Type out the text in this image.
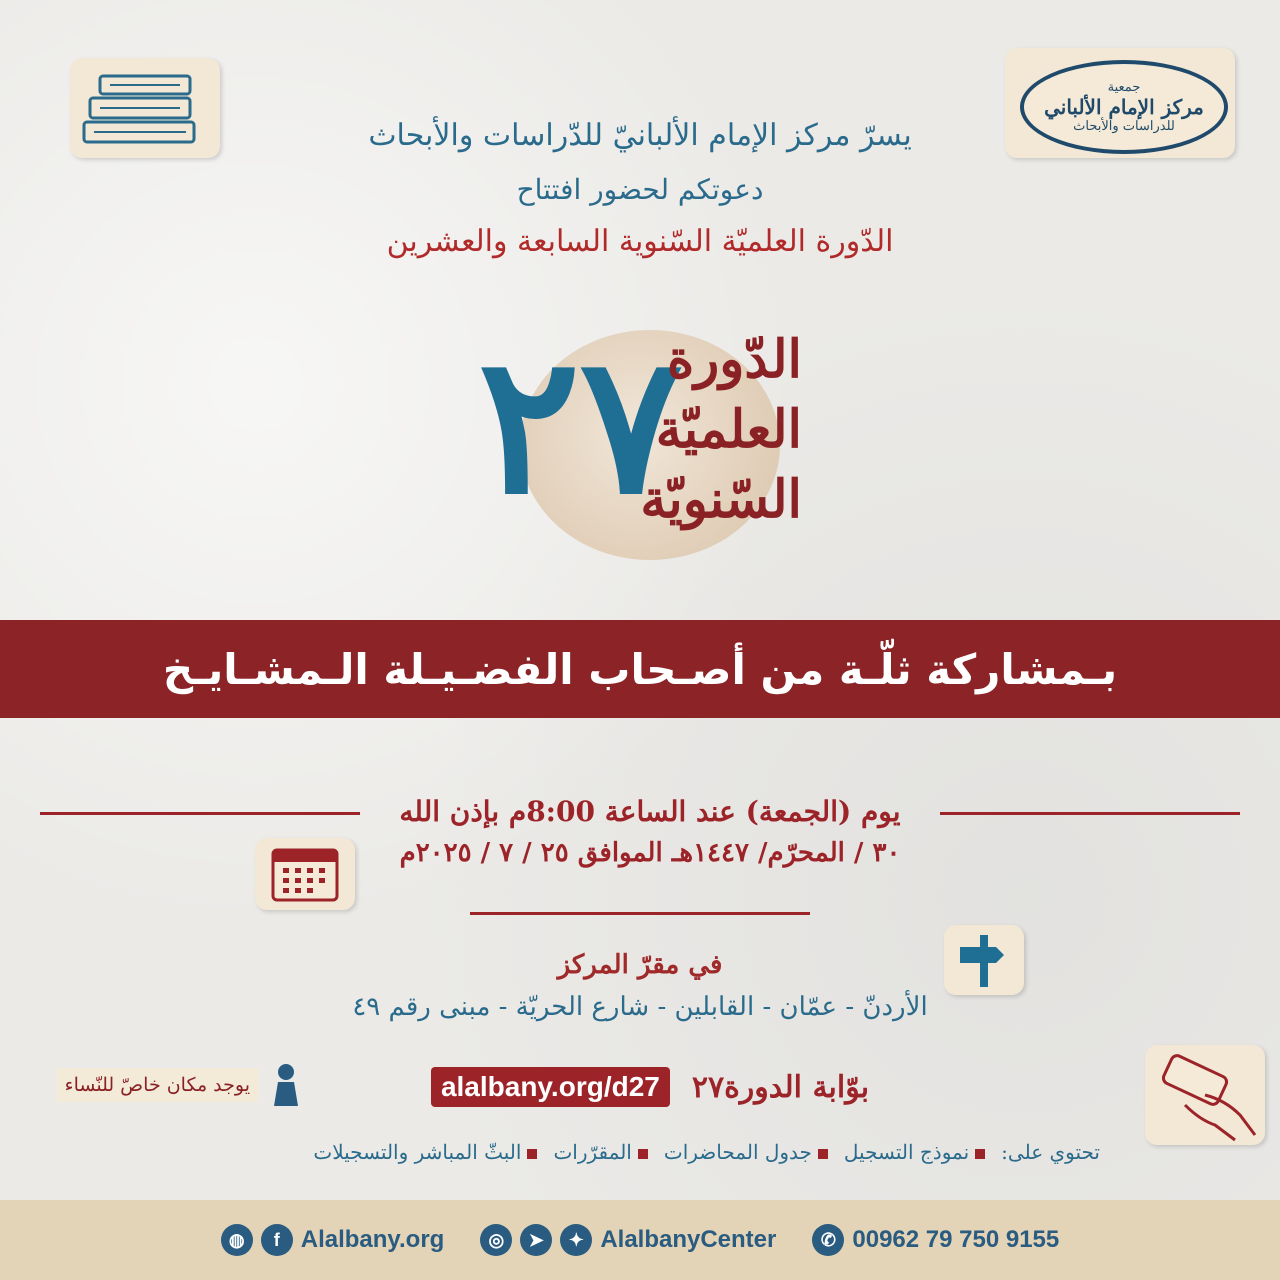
جمعية
مركز الإمام الألباني
للدراسات والأبحاث
يسرّ مركز الإمام الألبانيّ للدّراسات والأبحاث
دعوتكم لحضور افتتاح
الدّورة العلميّة السّنوية السابعة والعشرين
٢٧
الدّورة
العلميّة
السّنويّة
بـمشاركة ثلّـة من أصـحاب الفضـيـلة الـمشـايـخ
يوم (الجمعة) عند الساعة 8:00م بإذن الله
٣٠ / المحرّم/ ١٤٤٧هـ الموافق ٢٥ / ٧ / ٢٠٢٥م
في مقرّ المركز
الأردنّ - عمّان - القابلين - شارع الحريّة - مبنى رقم ٤٩
يوجد مكان خاصّ للنّساء	بوّابة الدورة٢٧
alalbany.org/d27
تحتوي على:
نموذج التسجيل
جدول المحاضرات
المقرّرات
البثّ المباشر والتسجيلات
◍	f Alalbany.org	◎	➤	✦ AlalbanyCenter	✆ 00962 79 750 9155
